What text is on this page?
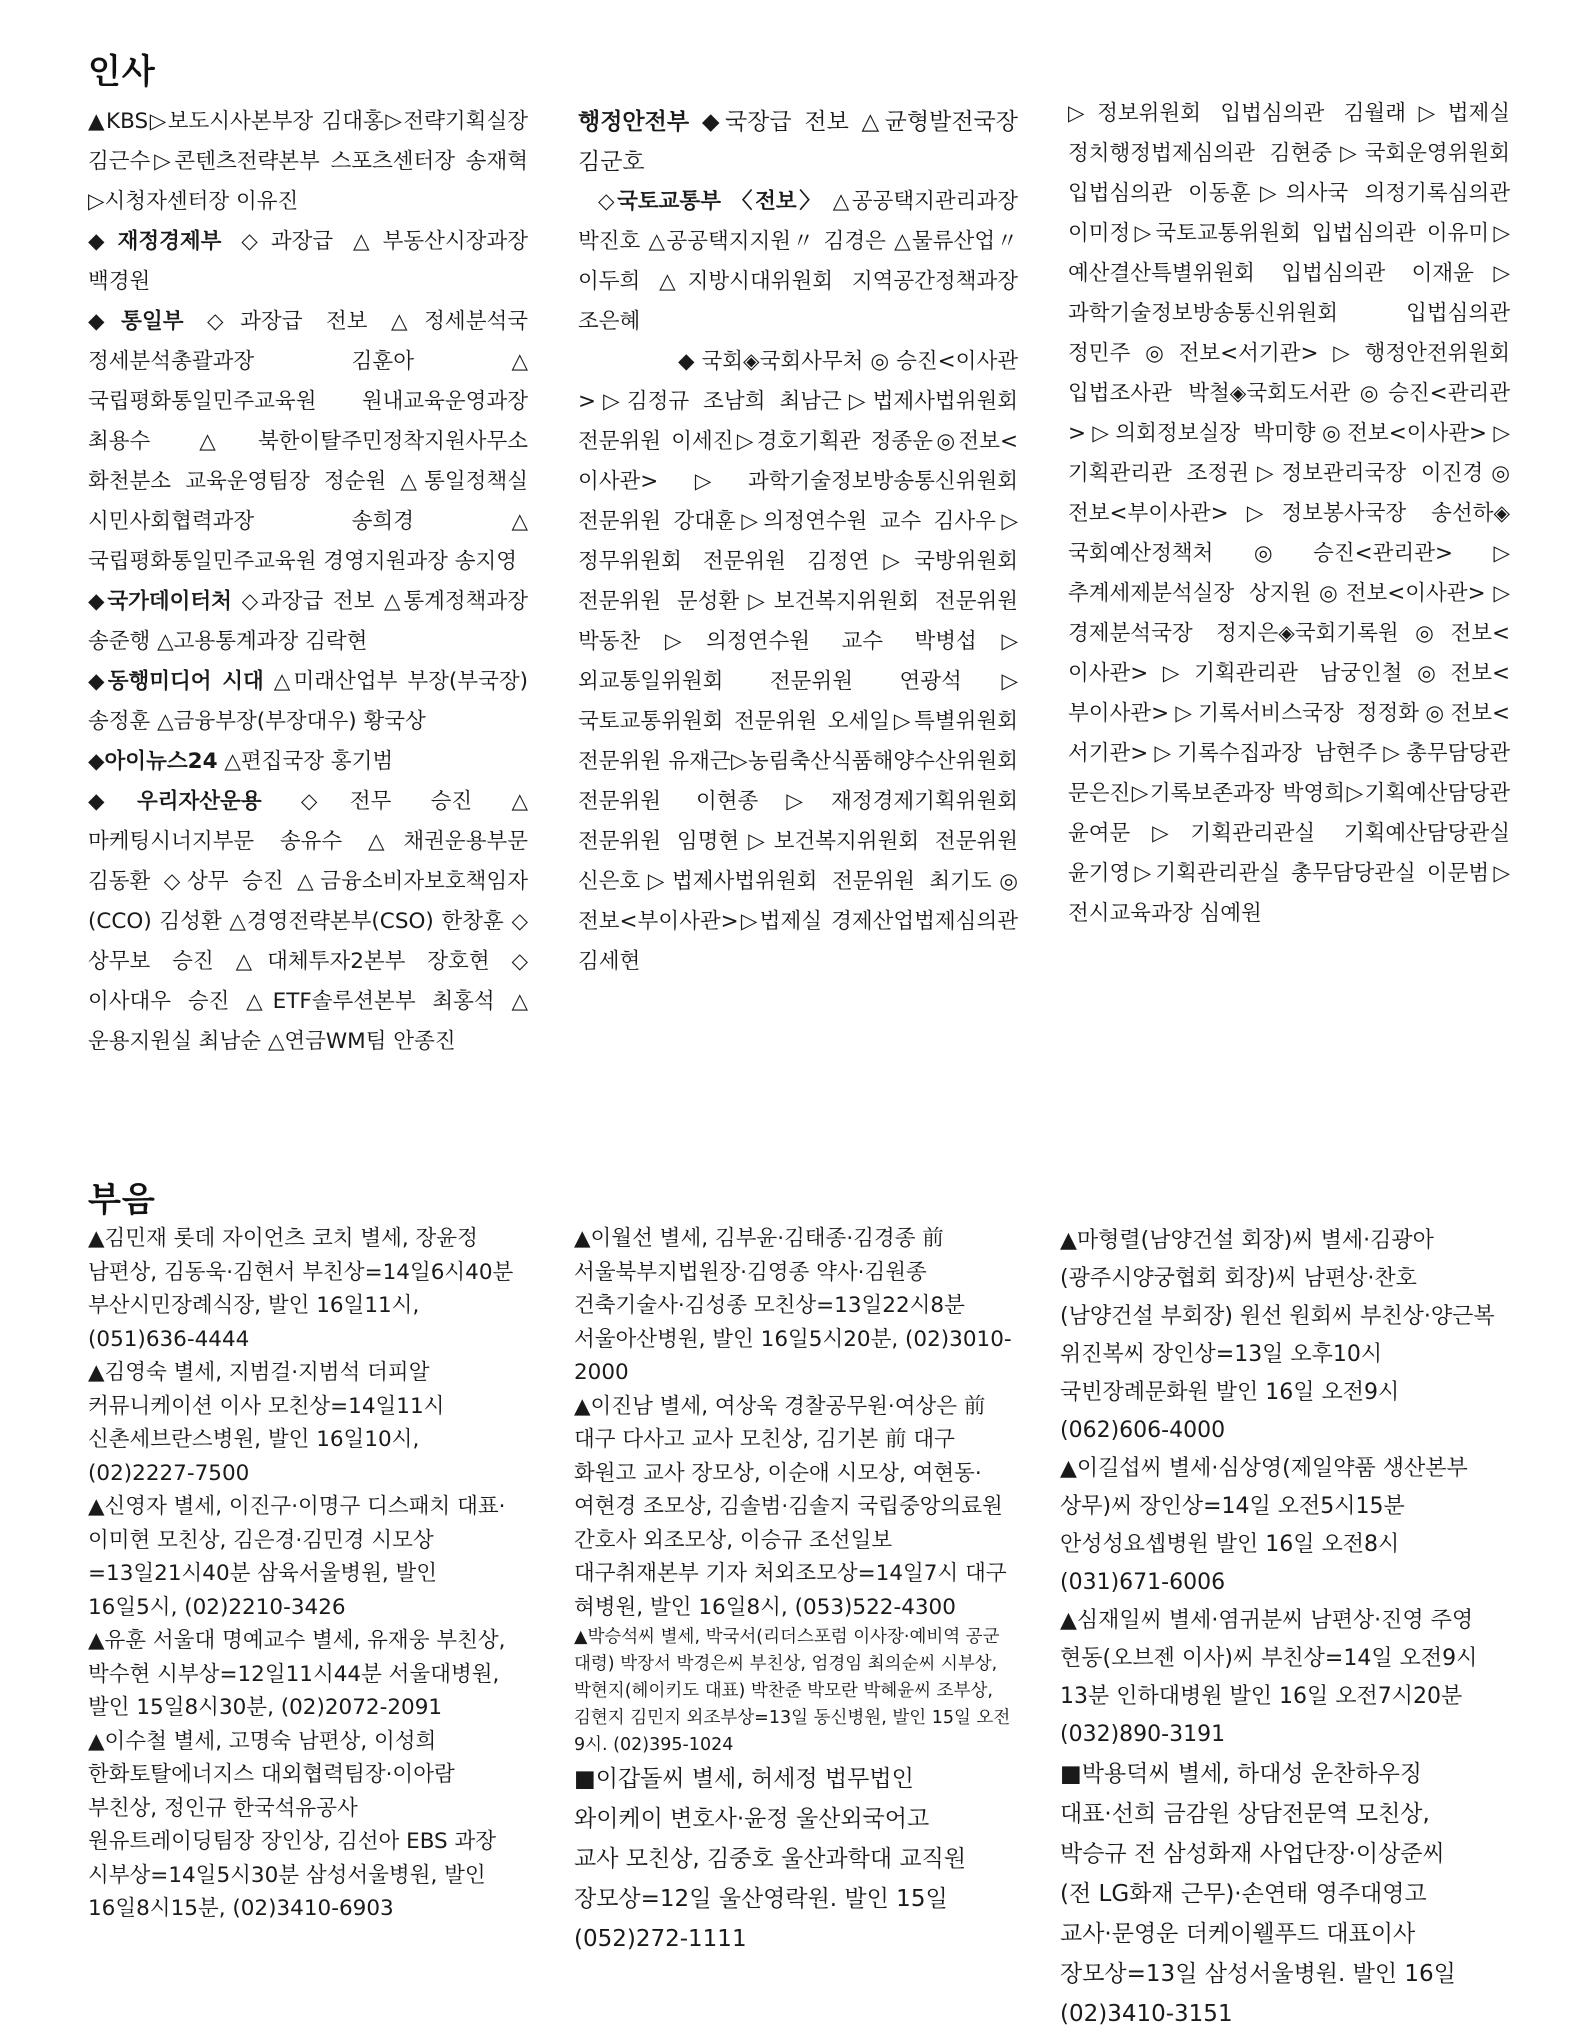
인사

▲KBS▷보도시사본부장 김대홍▷전략기획실장 김근수▷콘텐츠전략본부 스포츠센터장 송재혁▷시청자센터장 이유진

◆재정경제부 ◇과장급 △부동산시장과장 백경원

◆통일부 ◇과장급 전보 △정세분석국 정세분석총괄과장 김훈아 △국립평화통일민주교육원 원내교육운영과장 최용수 △북한이탈주민정착지원사무소 화천분소 교육운영팀장 정순원 △통일정책실 시민사회협력과장 송희경 △국립평화통일민주교육원 경영지원과장 송지영

◆국가데이터처 ◇과장급 전보 △통계정책과장 송준행 △고용통계과장 김락현

◆동행미디어 시대 △미래산업부 부장(부국장) 송정훈 △금융부장(부장대우) 황국상

◆아이뉴스24 △편집국장 홍기범

◆우리자산운용 ◇전무 승진 △마케팅시너지부문 송유수 △채권운용부문 김동환 ◇상무 승진 △금융소비자보호책임자(CCO) 김성환 △경영전략본부(CSO) 한창훈 ◇상무보 승진 △대체투자2본부 장호현 ◇이사대우 승진 △ETF솔루션본부 최홍석 △운용지원실 최남순 △연금WM팀 안종진

행정안전부 ◆국장급 전보 △균형발전국장 김군호

◇국토교통부 〈전보〉 △공공택지관리과장 박진호 △공공택지지원〃 김경은 △물류산업〃 이두희 △지방시대위원회 지역공간정책과장 조은혜

◆국회◈국회사무처◎승진<이사관>▷김정규 조남희 최남근▷법제사법위원회 전문위원 이세진▷경호기획관 정종운◎전보<이사관>▷과학기술정보방송통신위원회 전문위원 강대훈▷의정연수원 교수 김사우▷정무위원회 전문위원 김정연▷국방위원회 전문위원 문성환▷보건복지위원회 전문위원 박동찬▷의정연수원 교수 박병섭▷외교통일위원회 전문위원 연광석▷국토교통위원회 전문위원 오세일▷특별위원회 전문위원 유재근▷농림축산식품해양수산위원회 전문위원 이현종▷재정경제기획위원회 전문위원 임명현▷보건복지위원회 전문위원 신은호▷법제사법위원회 전문위원 최기도◎전보<부이사관>▷법제실 경제산업법제심의관 김세현

▷정보위원회 입법심의관 김월래▷법제실 정치행정법제심의관 김현중▷국회운영위원회 입법심의관 이동훈▷의사국 의정기록심의관 이미정▷국토교통위원회 입법심의관 이유미▷예산결산특별위원회 입법심의관 이재윤▷과학기술정보방송통신위원회 입법심의관 정민주◎전보<서기관>▷행정안전위원회 입법조사관 박철◈국회도서관◎승진<관리관>▷의회정보실장 박미향◎전보<이사관>▷기획관리관 조정권▷정보관리국장 이진경◎전보<부이사관>▷정보봉사국장 송선하◈국회예산정책처◎승진<관리관>▷추계세제분석실장 상지원◎전보<이사관>▷경제분석국장 정지은◈국회기록원◎전보<이사관>▷기획관리관 남궁인철◎전보<부이사관>▷기록서비스국장 정정화◎전보<서기관>▷기록수집과장 남현주▷총무담당관 문은진▷기록보존과장 박영희▷기획예산담당관 윤여문▷기획관리관실 기획예산담당관실 윤기영▷기획관리관실 총무담당관실 이문범▷전시교육과장 심예원

부음

▲김민재 롯데 자이언츠 코치 별세, 장윤정 남편상, 김동욱·김현서 부친상=14일6시40분 부산시민장례식장, 발인 16일11시, (051)636-4444

▲김영숙 별세, 지범걸·지범석 더피알 커뮤니케이션 이사 모친상=14일11시 신촌세브란스병원, 발인 16일10시, (02)2227-7500

▲신영자 별세, 이진구·이명구 디스패치 대표·이미현 모친상, 김은경·김민경 시모상=13일21시40분 삼육서울병원, 발인 16일5시, (02)2210-3426

▲유훈 서울대 명예교수 별세, 유재웅 부친상, 박수현 시부상=12일11시44분 서울대병원, 발인 15일8시30분, (02)2072-2091

▲이수철 별세, 고명숙 남편상, 이성희 한화토탈에너지스 대외협력팀장·이아람 부친상, 정인규 한국석유공사 원유트레이딩팀장 장인상, 김선아 EBS 과장 시부상=14일5시30분 삼성서울병원, 발인 16일8시15분, (02)3410-6903

▲이월선 별세, 김부윤·김태종·김경종 前 서울북부지법원장·김영종 약사·김원종 건축기술사·김성종 모친상=13일22시8분 서울아산병원, 발인 16일5시20분, (02)3010-2000

▲이진남 별세, 여상욱 경찰공무원·여상은 前 대구 다사고 교사 모친상, 김기본 前 대구 화원고 교사 장모상, 이순애 시모상, 여현동·여현경 조모상, 김솔범·김솔지 국립중앙의료원 간호사 외조모상, 이승규 조선일보 대구취재본부 기자 처외조모상=14일7시 대구 혀병원, 발인 16일8시, (053)522-4300

▲박승석씨 별세, 박국서(리더스포럼 이사장·예비역 공군 대령) 박장서 박경은씨 부친상, 엄경임 최의순씨 시부상, 박현지(헤이키도 대표) 박찬준 박모란 박혜윤씨 조부상, 김현지 김민지 외조부상=13일 동신병원, 발인 15일 오전 9시. (02)395-1024

■이갑돌씨 별세, 허세정 법무법인 와이케이 변호사·윤정 울산외국어고 교사 모친상, 김중호 울산과학대 교직원 장모상=12일 울산영락원. 발인 15일 (052)272-1111

▲마형렬(남양건설 회장)씨 별세·김광아(광주시양궁협회 회장)씨 남편상·찬호(남양건설 부회장) 원선 원회씨 부친상·양근복 위진복씨 장인상=13일 오후10시 국빈장례문화원 발인 16일 오전9시 (062)606-4000

▲이길섭씨 별세·심상영(제일약품 생산본부 상무)씨 장인상=14일 오전5시15분 안성성요셉병원 발인 16일 오전8시 (031)671-6006

▲심재일씨 별세·염귀분씨 남편상·진영 주영 현동(오브젠 이사)씨 부친상=14일 오전9시 13분 인하대병원 발인 16일 오전7시20분 (032)890-3191

■박용덕씨 별세, 하대성 운찬하우징 대표·선희 금감원 상담전문역 모친상, 박승규 전 삼성화재 사업단장·이상준씨(전 LG화재 근무)·손연태 영주대영고 교사·문영운 더케이웰푸드 대표이사 장모상=13일 삼성서울병원. 발인 16일 (02)3410-3151
